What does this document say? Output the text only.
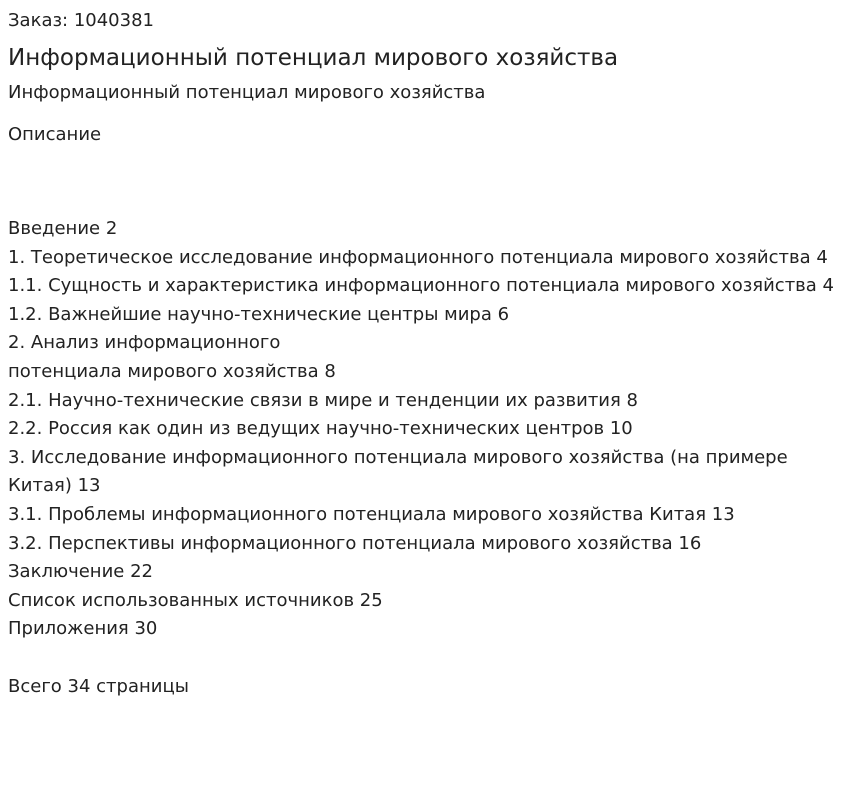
Заказ: 1040381

Информационный потенциал мирового хозяйства

Информационный потенциал мирового хозяйства

Описание
Введение 2
1. Теоретическое исследование информационного потенциала мирового хозяйства 4
1.1. Сущность и характеристика информационного потенциала мирового хозяйства 4
1.2. Важнейшие научно-технические центры мира 6
2. Анализ информационного
потенциала мирового хозяйства 8
2.1. Научно-технические связи в мире и тенденции их развития 8
2.2. Россия как один из ведущих научно-технических центров 10
3. Исследование информационного потенциала мирового хозяйства (на примере Китая) 13
3.1. Проблемы информационного потенциала мирового хозяйства Китая 13
3.2. Перспективы информационного потенциала мирового хозяйства 16
Заключение 22
Список использованных источников 25
Приложения 30

Всего 34 страницы
